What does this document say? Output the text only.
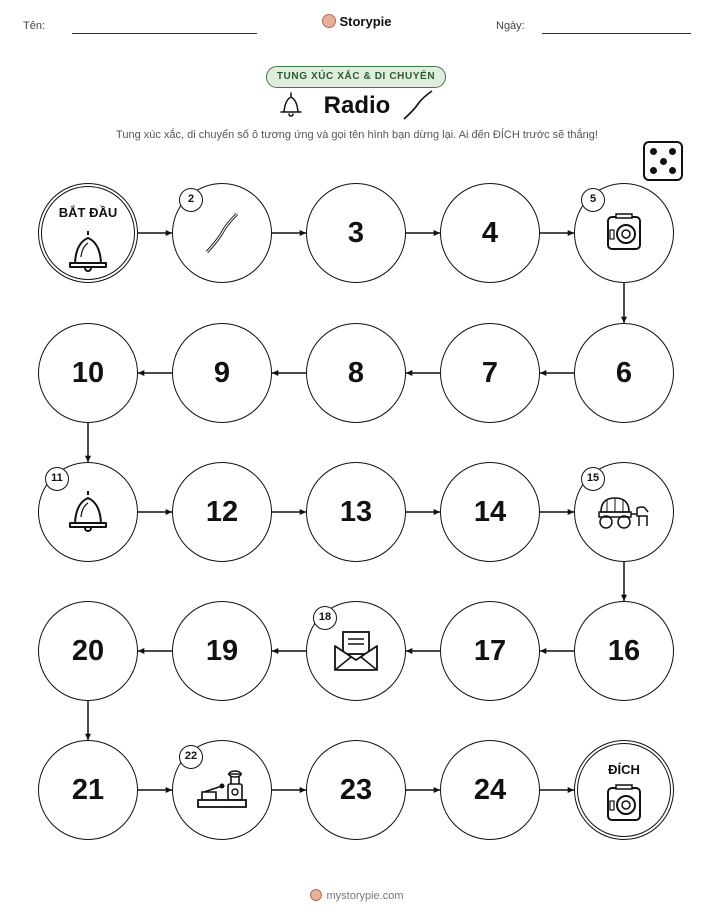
Tên:	Storypie	Ngày:
TUNG XÚC XẮC & DI CHUYỂN
Radio
Tung xúc xắc, di chuyển số ô tương ứng và gọi tên hình bạn dừng lại. Ai đến ĐÍCH trước sẽ thắng!
BẮT ĐẦU
2
3	4
5
6
7
8
9
10
11
12	13	14
15
16
17
18
19
20
21
22
23	24
ĐÍCH
mystorypie.com
